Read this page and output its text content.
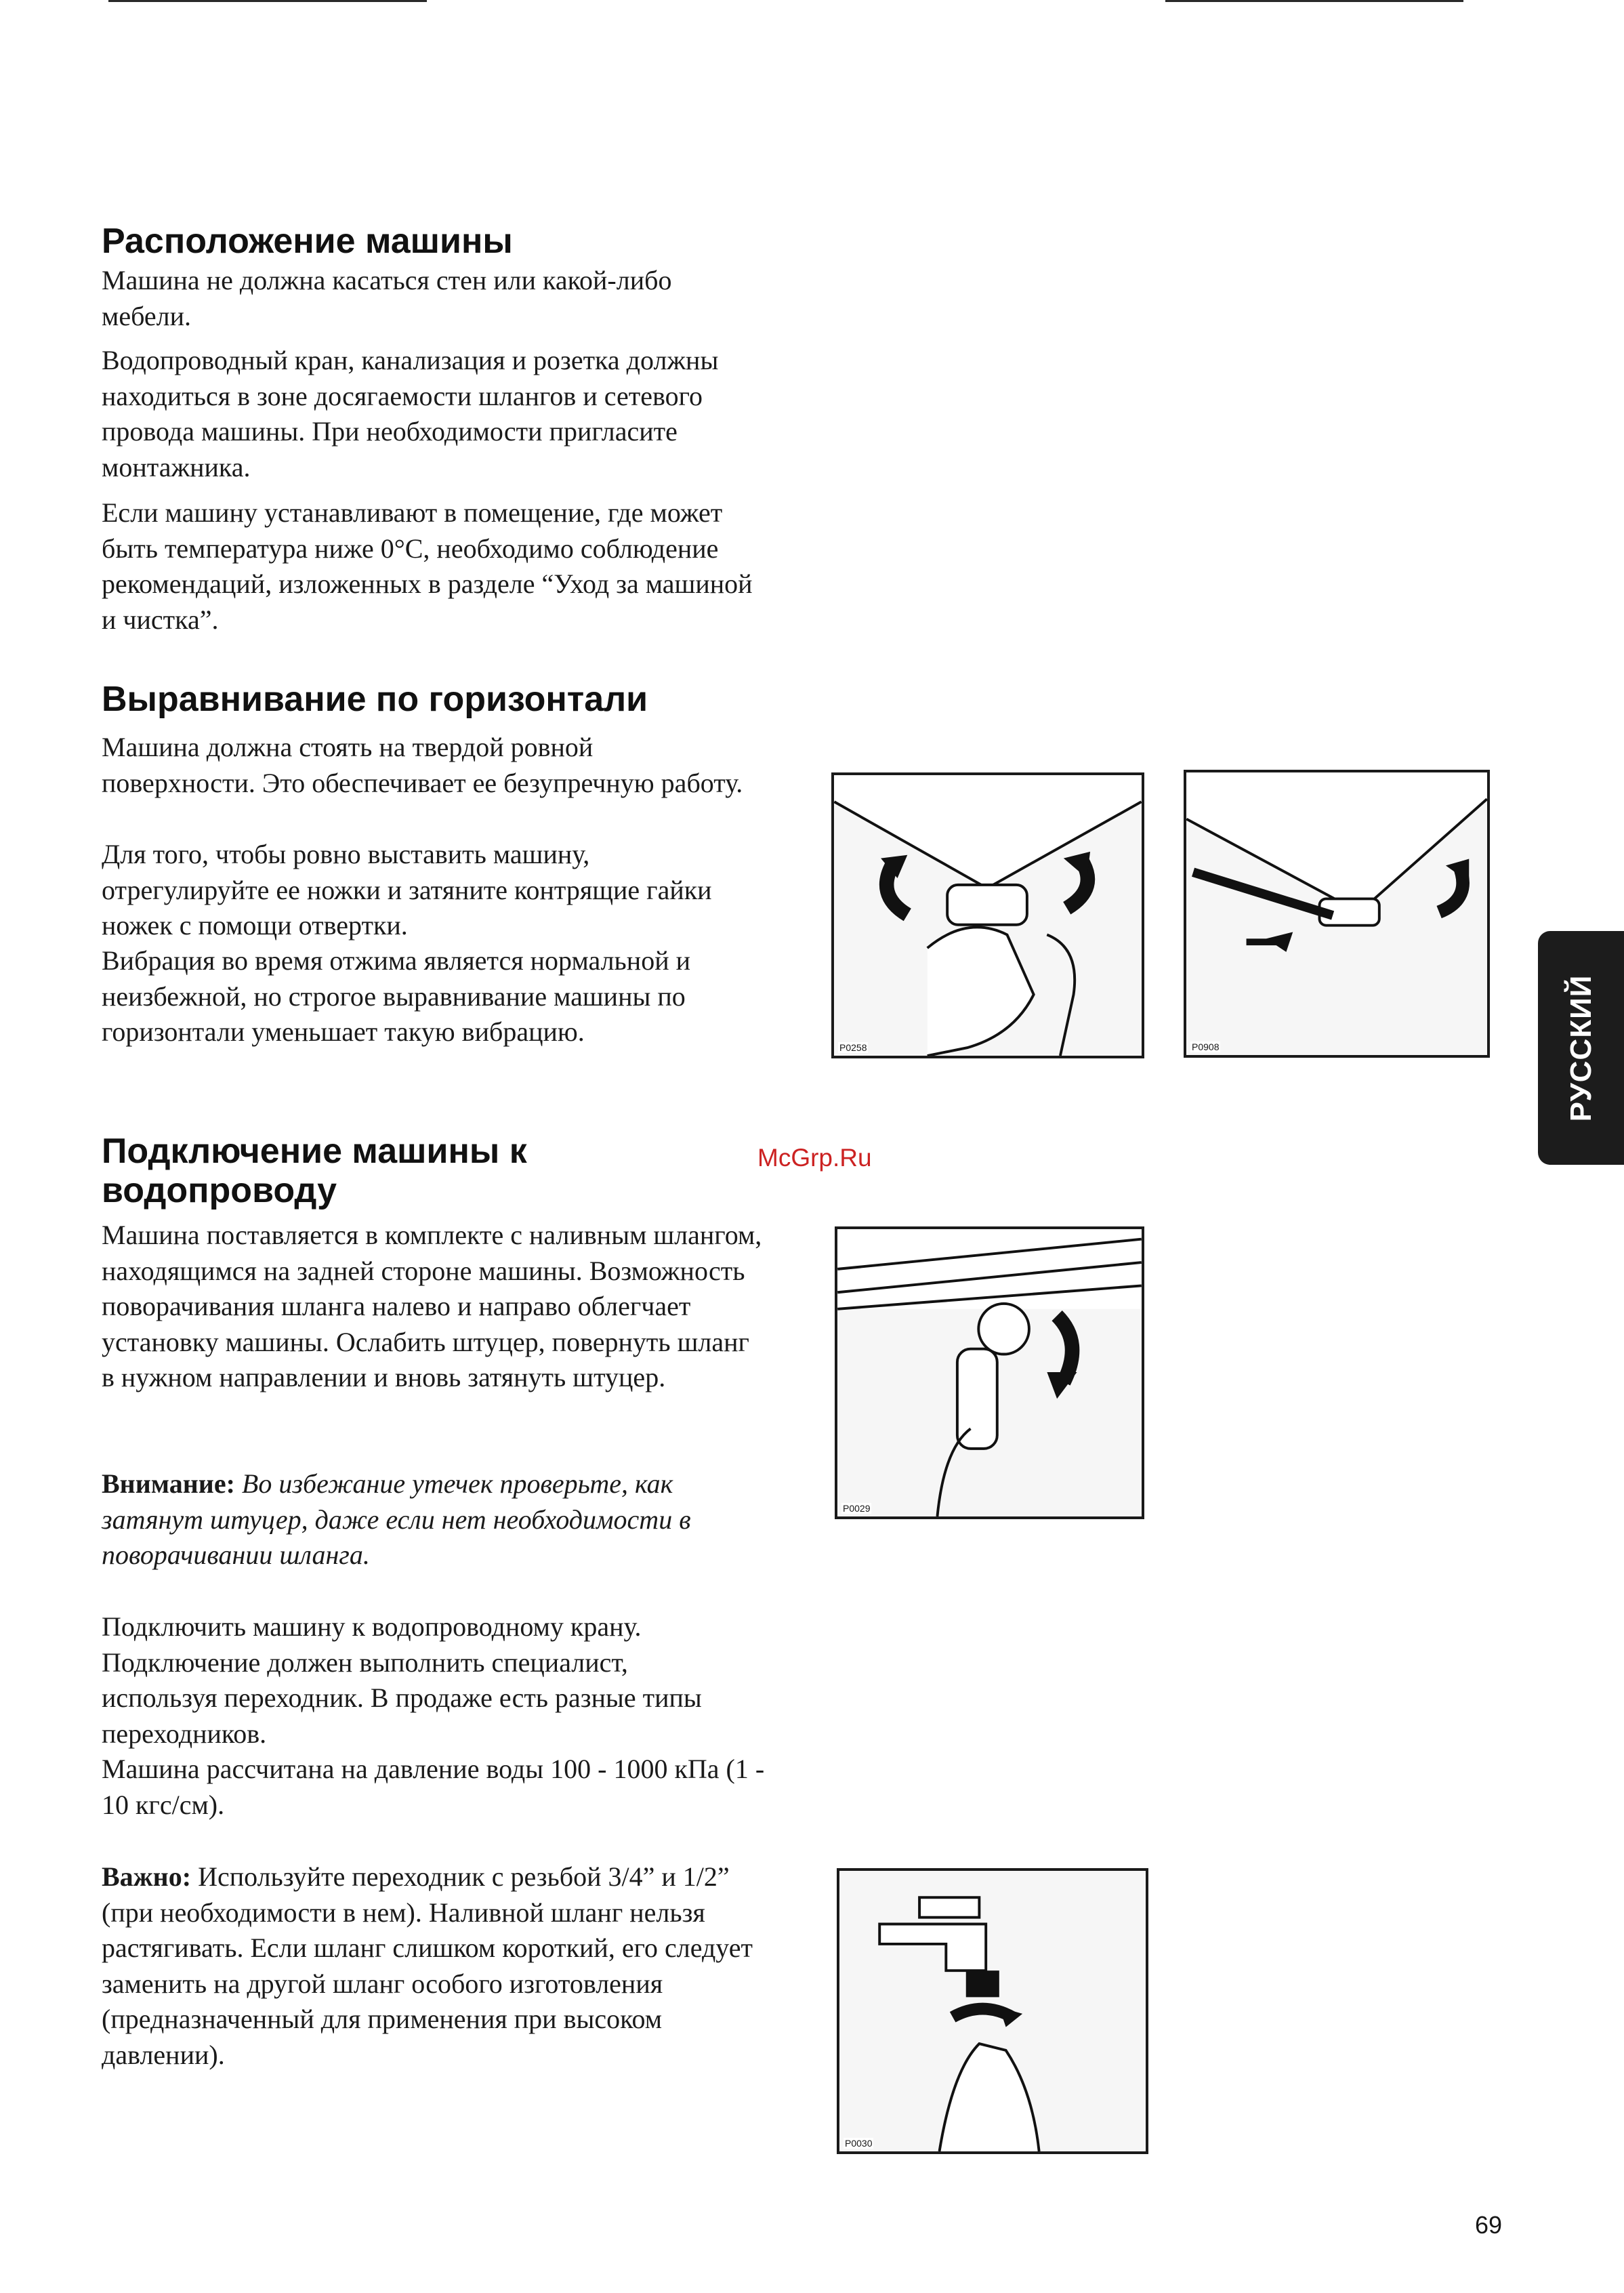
Расположение машины

Машина не должна касаться стен или какой-либо мебели.

Водопроводный кран, канализация и розетка должны находиться в зоне досягаемости шлангов и сетевого провода машины. При необходимости пригласите монтажника.

Если машину устанавливают в помещение, где может быть температура ниже 0°C, необходимо соблюдение рекомендаций, изложенных в разделе “Уход за машиной и чистка”.

Выравнивание по горизонтали

Машина должна стоять на твердой ровной поверхности. Это обеспечивает ее безупречную работу.

Для того, чтобы ровно выставить машину, отрегулируйте ее ножки и затяните контрящие гайки ножек с помощи отвертки.

Вибрация во время отжима является нормальной и неизбежной, но строгое выравнивание машины по горизонтали уменьшает такую вибрацию.

P0258	P0908	РУССКИЙ
Подключение машины к водопроводу

McGrp.Ru

Машина поставляется в комплекте с наливным шлангом, находящимся на задней стороне машины. Возможность поворачивания шланга налево и направо облегчает установку машины. Ослабить штуцер, повернуть шланг в нужном направлении и вновь затянуть штуцер.

Внимание: Во избежание утечек проверьте, как затянут штуцер, даже если нет необходимости в поворачивании шланга.

P0029

Подключить машину к водопроводному крану. Подключение должен выполнить специалист, используя переходник. В продаже есть разные типы переходников.

Машина рассчитана на давление воды 100 - 1000 кПа (1 - 10 кгс/см).

Важно: Используйте переходник с резьбой 3/4” и 1/2” (при необходимости в нем). Наливной шланг нельзя растягивать. Если шланг слишком короткий, его следует заменить на другой шланг особого изготовления (предназначенный для применения при высоком давлении).

P0030

69
